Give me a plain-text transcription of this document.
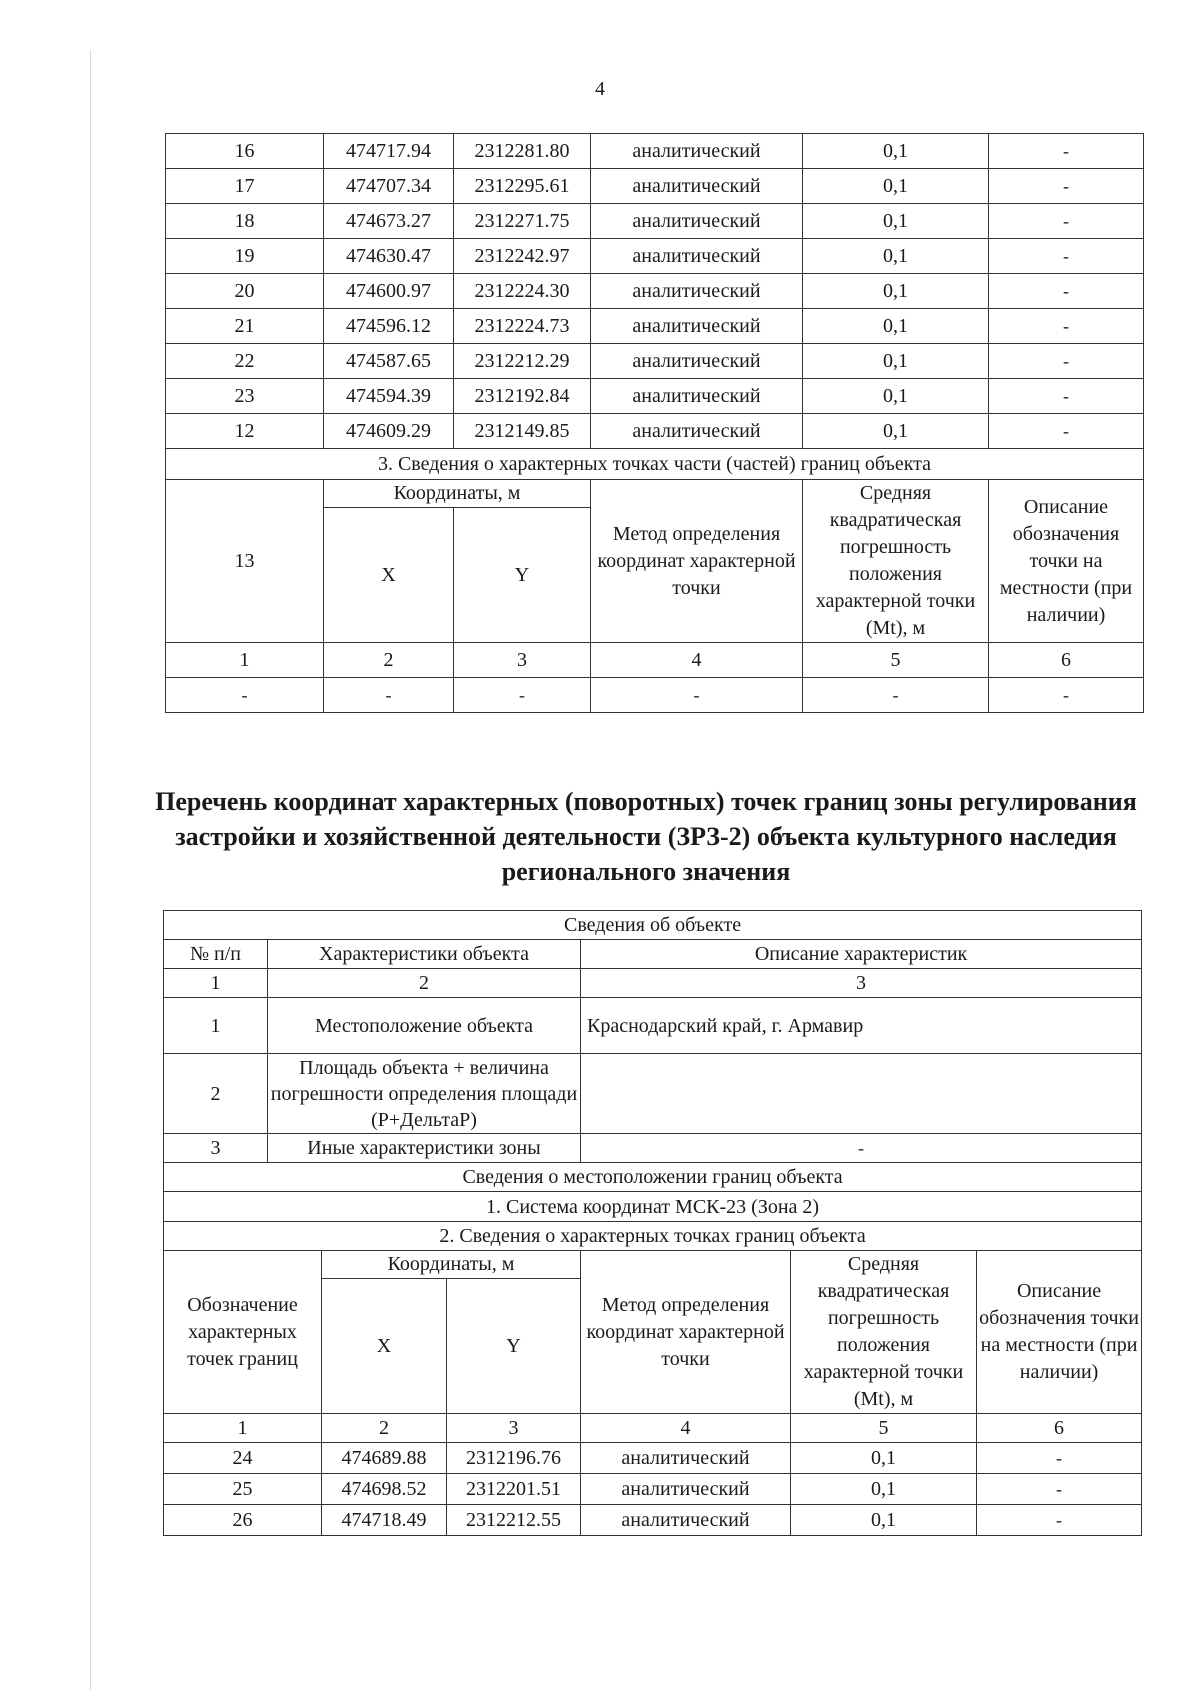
4
16	474717.94	2312281.80	аналитический	0,1	-
17	474707.34	2312295.61	аналитический	0,1	-
18	474673.27	2312271.75	аналитический	0,1	-
19	474630.47	2312242.97	аналитический	0,1	-
20	474600.97	2312224.30	аналитический	0,1	-
21	474596.12	2312224.73	аналитический	0,1	-
22	474587.65	2312212.29	аналитический	0,1	-
23	474594.39	2312192.84	аналитический	0,1	-
12	474609.29	2312149.85	аналитический	0,1	-
3. Сведения о характерных точках части (частей) границ объекта					
13	Координаты, м		Метод определения координат характерной точки	Средняя квадратическая погрешность положения характерной точки (Mt), м	Описание обозначения точки на местности (при наличии)
	X	Y			
1	2	3	4	5	6
-	-	-	-	-	-
Перечень координат характерных (поворотных) точек границ зоны регулирования застройки и хозяйственной деятельности (ЗРЗ-2) объекта культурного наследия регионального значения
Сведения об объекте						
№ п/п	Характеристики объекта			Описание характеристик		
1	2			3		
1	Местоположение объекта			Краснодарский край, г. Армавир		
2	Площадь объекта + величина погрешности определения площади (Р+ДельтаР)					
3	Иные характеристики зоны			-		
Сведения о местоположении границ объекта						
1. Система координат МСК-23 (Зона 2)						
2. Сведения о характерных точках границ объекта						
Обозначение характерных точек границ		Координаты, м		Метод определения координат характерной точки	Средняя квадратическая погрешность положения характерной точки (Mt), м	Описание обозначения точки на местности (при наличии)
		X	Y			
1		2	3	4	5	6
24		474689.88	2312196.76	аналитический	0,1	-
25		474698.52	2312201.51	аналитический	0,1	-
26		474718.49	2312212.55	аналитический	0,1	-
